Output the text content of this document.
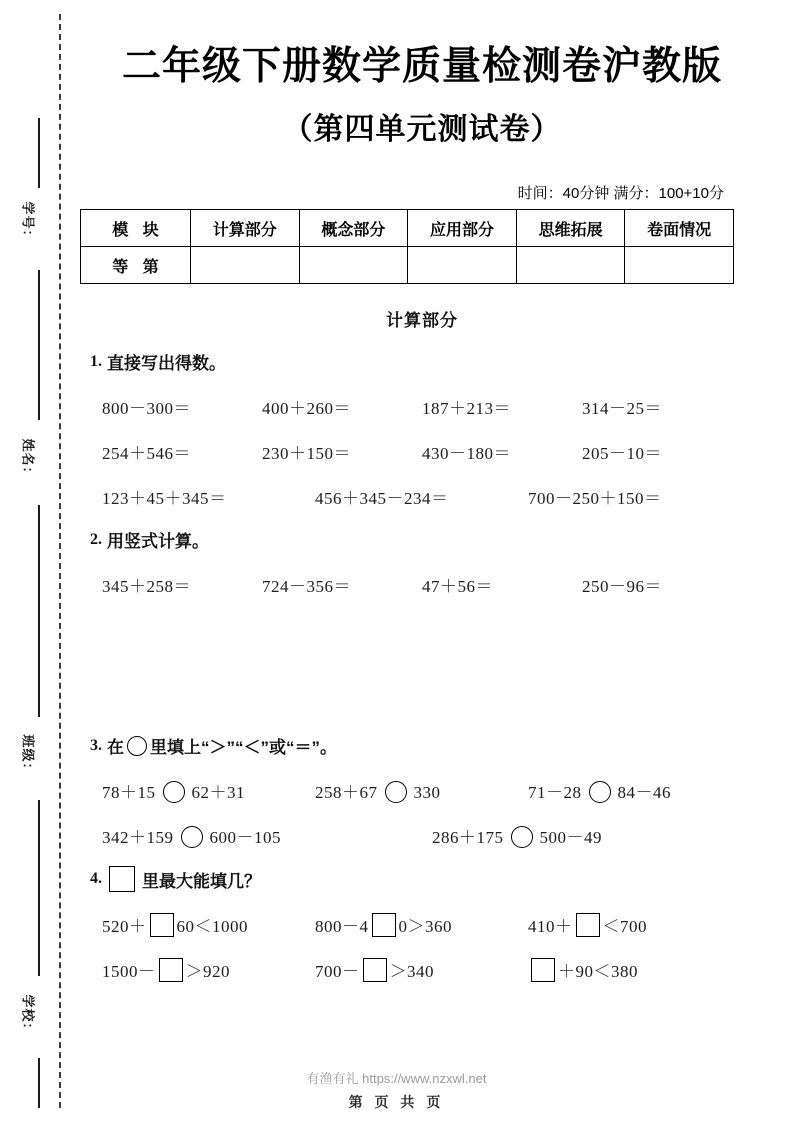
学号：
姓名：
班级：
学校：
二年级下册数学质量检测卷沪教版
（第四单元测试卷）
时间：40分钟 满分：100+10分
模 块	计算部分	概念部分	应用部分	思维拓展	卷面情况
等 第					
计算部分
1. 直接写出得数。
800－300＝	400＋260＝	187＋213＝	314－25＝
254＋546＝	230＋150＝	430－180＝	205－10＝
123＋45＋345＝	456＋345－234＝	700－250＋150＝
2. 用竖式计算。
345＋258＝	724－356＝	47＋56＝	250－96＝
3. 在 里填上“＞”“＜”或“＝”。
78＋15 62＋31	258＋67 330	71－28 84－46
342＋159 600－105	286＋175 500－49
4. 里最大能填几？
520＋ 60＜1000	800－4 0＞360	410＋ ＜700
1500－ ＞920	700－ ＞340	＋90＜380
有渔有礼 https://www.nzxwl.net
第 页 共 页
